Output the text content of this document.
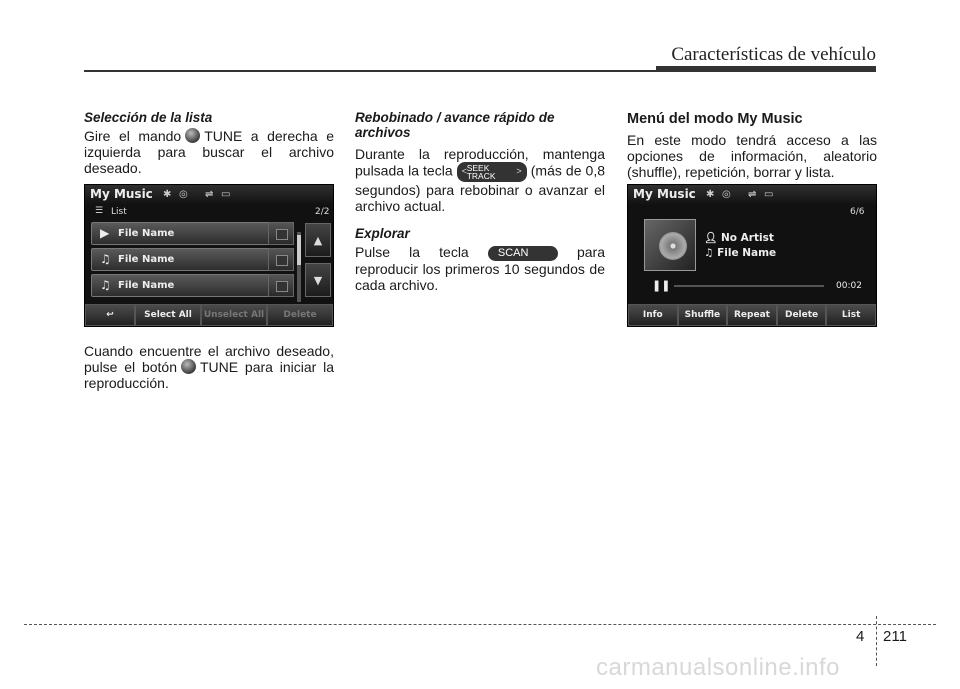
Características de vehículo
Selección de la lista
Gire el mando TUNE a derecha e izquierda para buscar el archivo deseado.
My Music ✱ ◎ ⇌ ▭
☰ List	2/2
▶ File Name
♫ File Name
♫ File Name
▲
▼
↩	Select All	Unselect All	Delete
Cuando encuentre el archivo deseado, pulse el botón TUNE para iniciar la reproducción.
Rebobinado / avance rápido de archivos
Durante la reproducción, mantenga pulsada la tecla < SEEK
TRACK > (más de 0,8 segundos) para rebobinar o avanzar el archivo actual.
Explorar
Pulse la tecla	SCAN	para reproducir los primeros 10 segundos de cada archivo.
Menú del modo My Music
En este modo tendrá acceso a las opciones de información, aleatorio (shuffle), repetición, borrar y lista.
My Music ✱ ◎ ⇌ ▭
6/6
👤︎ No Artist
♫ File Name
❚❚	00:02
Info	Shuffle	Repeat	Delete	List
4 211
carmanualsonline.info
